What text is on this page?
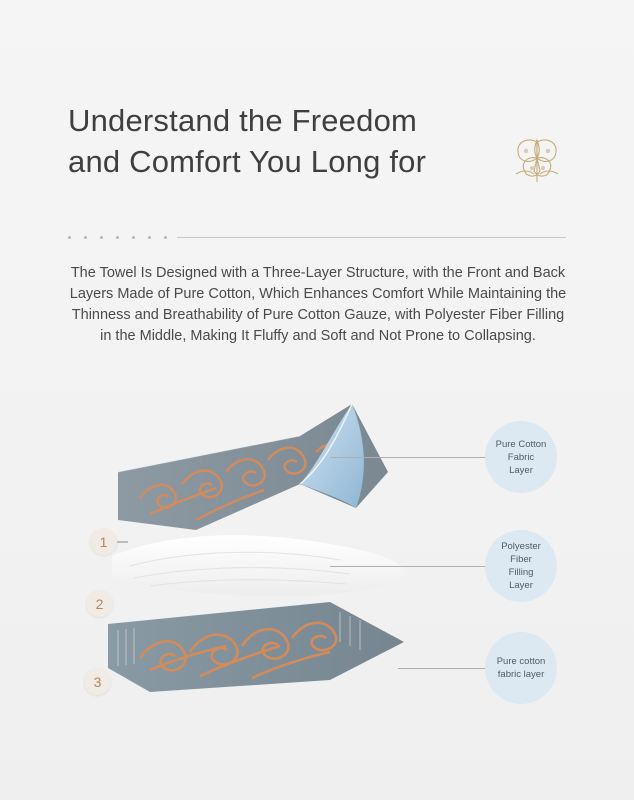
Understand the Freedom
and Comfort You Long for

The Towel Is Designed with a Three-Layer Structure, with the Front and Back Layers Made of Pure Cotton, Which Enhances Comfort While Maintaining the Thinness and Breathability of Pure Cotton Gauze, with Polyester Fiber Filling in the Middle, Making It Fluffy and Soft and Not Prone to Collapsing.

1
2
3
Pure Cotton
Fabric
Layer
Polyester
Fiber
Filling
Layer
Pure cotton
fabric layer
